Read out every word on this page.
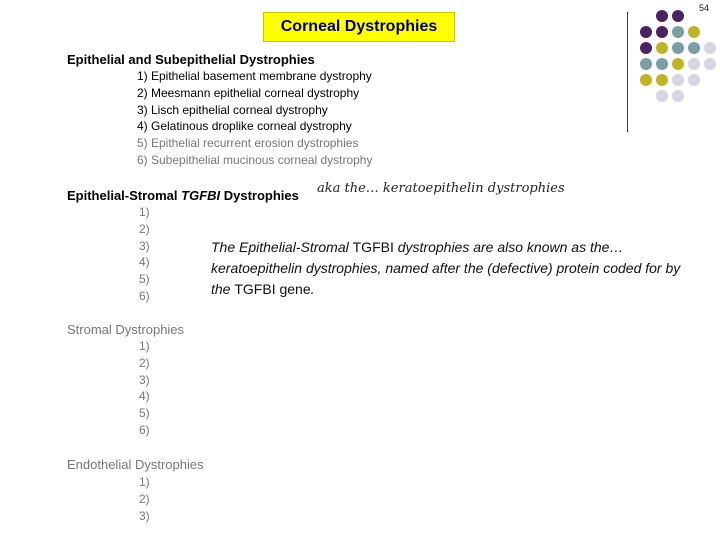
54
Corneal Dystrophies
Epithelial and Subepithelial Dystrophies
1) Epithelial basement membrane dystrophy
2) Meesmann epithelial corneal dystrophy
3) Lisch epithelial corneal dystrophy
4) Gelatinous droplike corneal dystrophy
5) Epithelial recurrent erosion dystrophies
6) Subepithelial mucinous corneal dystrophy
Epithelial-Stromal TGFBI Dystrophies aka the… keratoepithelin dystrophies
1)
2)
3)
4)
5)
6)
The Epithelial-Stromal TGFBI dystrophies are also known as the… keratoepithelin dystrophies, named after the (defective) protein coded for by the TGFBI gene.
Stromal Dystrophies
1)
2)
3)
4)
5)
6)
Endothelial Dystrophies
1)
2)
3)
